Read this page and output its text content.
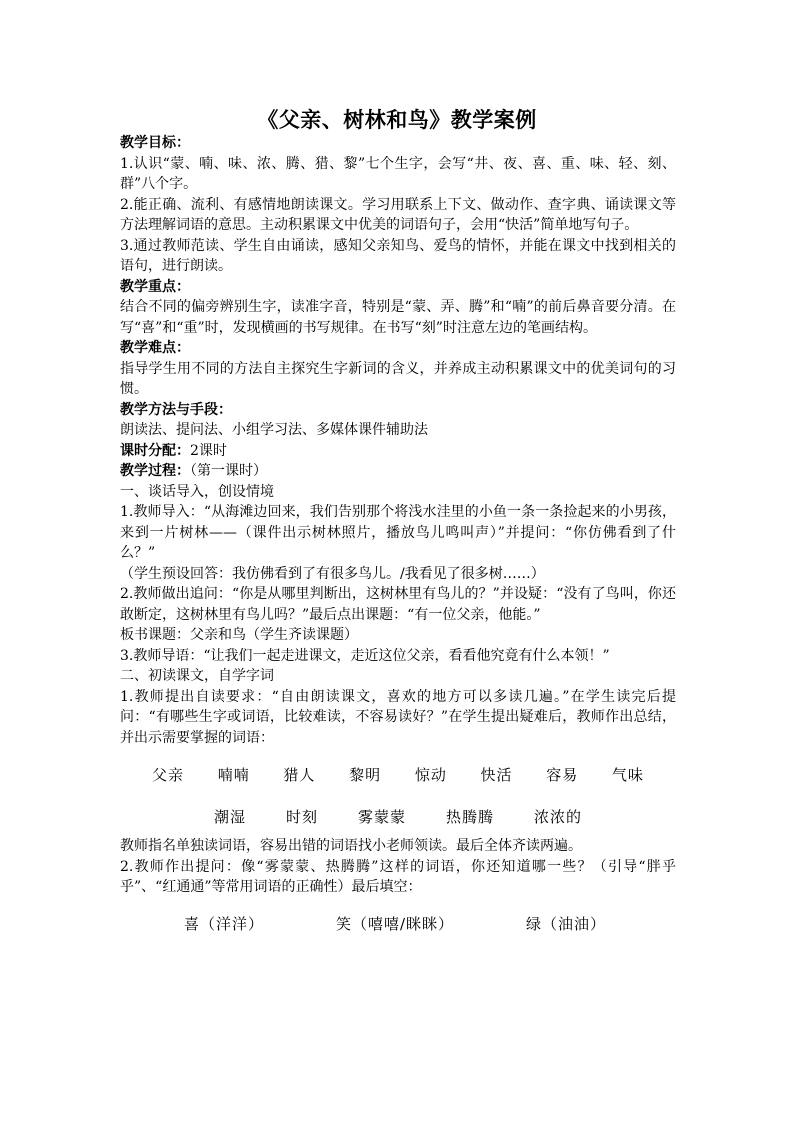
《父亲、树林和鸟》教学案例

教学目标：

1.认识“蒙、喃、味、浓、腾、猎、黎”七个生字，会写“井、夜、喜、重、味、轻、刻、群”八个字。

2.能正确、流利、有感情地朗读课文。学习用联系上下文、做动作、查字典、诵读课文等方法理解词语的意思。主动积累课文中优美的词语句子，会用“快活”简单地写句子。

3.通过教师范读、学生自由诵读，感知父亲知鸟、爱鸟的情怀，并能在课文中找到相关的语句，进行朗读。

教学重点：

结合不同的偏旁辨别生字，读准字音，特别是“蒙、弄、腾”和“喃”的前后鼻音要分清。在写“喜”和“重”时，发现横画的书写规律。在书写“刻”时注意左边的笔画结构。

教学难点：

指导学生用不同的方法自主探究生字新词的含义，并养成主动积累课文中的优美词句的习惯。

教学方法与手段：

朗读法、提问法、小组学习法、多媒体课件辅助法

课时分配：2课时

教学过程：（第一课时）

一、谈话导入，创设情境

1.教师导入：“从海滩边回来，我们告别那个将浅水洼里的小鱼一条一条捡起来的小男孩，来到一片树林——（课件出示树林照片，播放鸟儿鸣叫声）”并提问：“你仿佛看到了什么？”

（学生预设回答：我仿佛看到了有很多鸟儿。/我看见了很多树……）

2.教师做出追问：“你是从哪里判断出，这树林里有鸟儿的？”并设疑：“没有了鸟叫，你还敢断定，这树林里有鸟儿吗？”最后点出课题：“有一位父亲，他能。”

板书课题：父亲和鸟（学生齐读课题）

3.教师导语：“让我们一起走进课文，走近这位父亲，看看他究竟有什么本领！”

二、初读课文，自学字词

1.教师提出自读要求：“自由朗读课文，喜欢的地方可以多读几遍。”在学生读完后提问：“有哪些生字或词语，比较难读，不容易读好？”在学生提出疑难后，教师作出总结，并出示需要掌握的词语：

父亲 喃喃 猎人 黎明 惊动 快活 容易 气味
潮湿	时刻	雾蒙蒙	热腾腾	浓浓的

教师指名单独读词语，容易出错的词语找小老师领读。最后全体齐读两遍。

2.教师作出提问：像“雾蒙蒙、热腾腾”这样的词语，你还知道哪一些？（引导“胖乎乎”、“红通通”等常用词语的正确性）最后填空：

喜（洋洋）	笑（嘻嘻/眯眯）	绿（油油）
